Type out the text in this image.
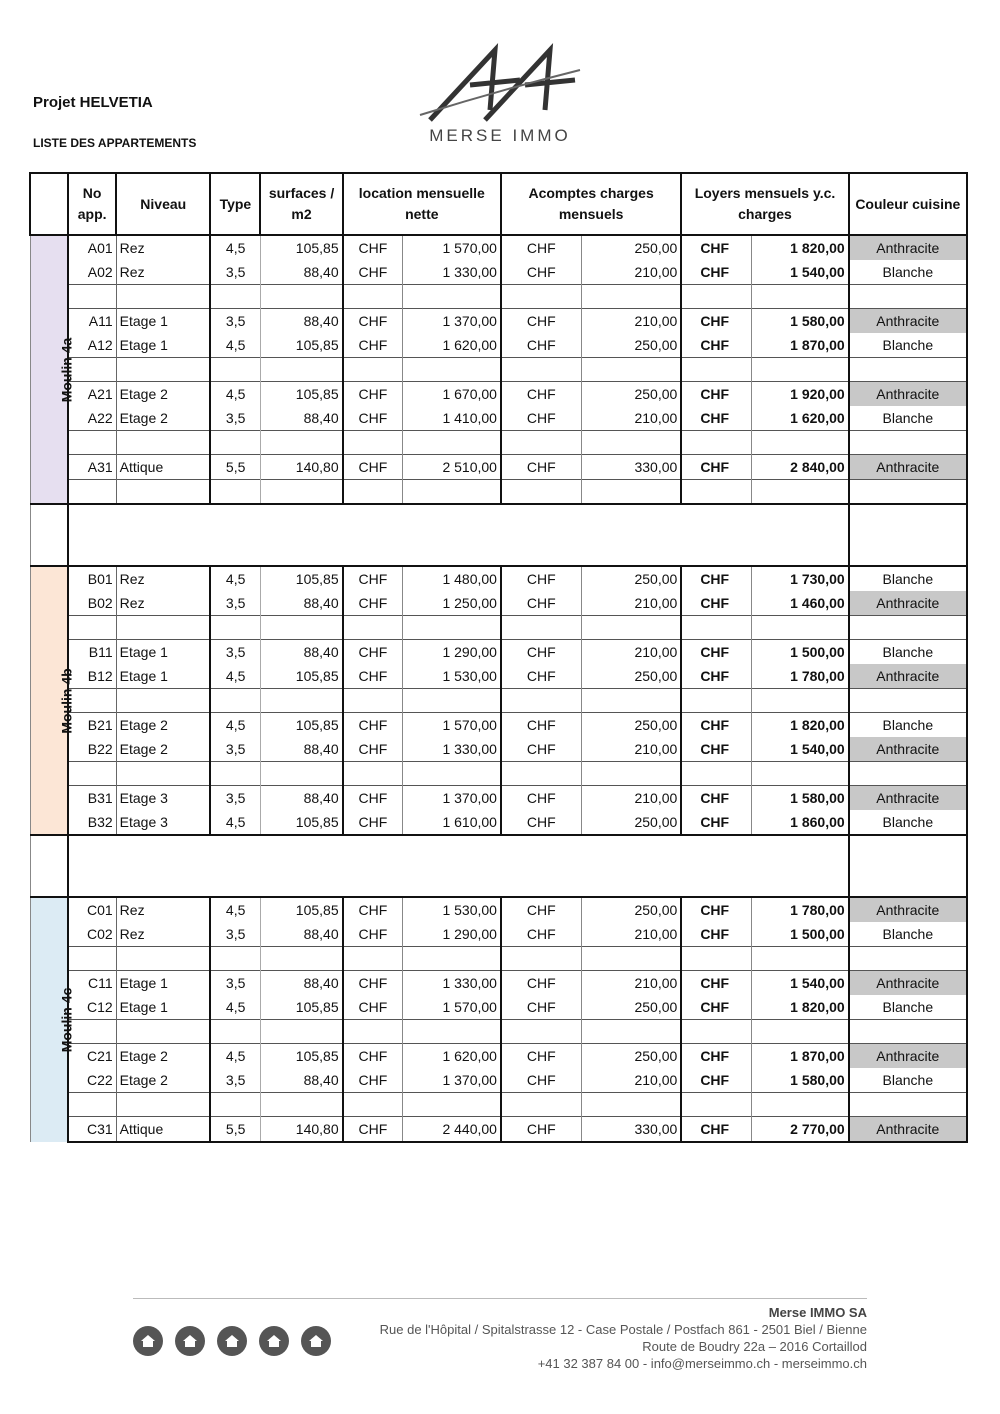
Projet HELVETIA
LISTE DES APPARTEMENTS	MERSE IMMO
	No app.	Niveau	Type	surfaces / m2	location mensuelle nette		Acomptes charges mensuels		Loyers mensuels y.c. charges		Couleur cuisine
Moulin 4a	A01	Rez	4,5	105,85	CHF	1 570,00	CHF	250,00	CHF	1 820,00	Anthracite
	A02	Rez	3,5	88,40	CHF	1 330,00	CHF	210,00	CHF	1 540,00	Blanche

	A11	Etage 1	3,5	88,40	CHF	1 370,00	CHF	210,00	CHF	1 580,00	Anthracite
	A12	Etage 1	4,5	105,85	CHF	1 620,00	CHF	250,00	CHF	1 870,00	Blanche

	A21	Etage 2	4,5	105,85	CHF	1 670,00	CHF	250,00	CHF	1 920,00	Anthracite
	A22	Etage 2	3,5	88,40	CHF	1 410,00	CHF	210,00	CHF	1 620,00	Blanche

	A31	Attique	5,5	140,80	CHF	2 510,00	CHF	330,00	CHF	2 840,00	Anthracite

Moulin 4b	B01	Rez	4,5	105,85	CHF	1 480,00	CHF	250,00	CHF	1 730,00	Blanche
	B02	Rez	3,5	88,40	CHF	1 250,00	CHF	210,00	CHF	1 460,00	Anthracite

	B11	Etage 1	3,5	88,40	CHF	1 290,00	CHF	210,00	CHF	1 500,00	Blanche
	B12	Etage 1	4,5	105,85	CHF	1 530,00	CHF	250,00	CHF	1 780,00	Anthracite

	B21	Etage 2	4,5	105,85	CHF	1 570,00	CHF	250,00	CHF	1 820,00	Blanche
	B22	Etage 2	3,5	88,40	CHF	1 330,00	CHF	210,00	CHF	1 540,00	Anthracite

	B31	Etage 3	3,5	88,40	CHF	1 370,00	CHF	210,00	CHF	1 580,00	Anthracite
	B32	Etage 3	4,5	105,85	CHF	1 610,00	CHF	250,00	CHF	1 860,00	Blanche

Moulin 4c	C01	Rez	4,5	105,85	CHF	1 530,00	CHF	250,00	CHF	1 780,00	Anthracite
	C02	Rez	3,5	88,40	CHF	1 290,00	CHF	210,00	CHF	1 500,00	Blanche

	C11	Etage 1	3,5	88,40	CHF	1 330,00	CHF	210,00	CHF	1 540,00	Anthracite
	C12	Etage 1	4,5	105,85	CHF	1 570,00	CHF	250,00	CHF	1 820,00	Blanche

	C21	Etage 2	4,5	105,85	CHF	1 620,00	CHF	250,00	CHF	1 870,00	Anthracite
	C22	Etage 2	3,5	88,40	CHF	1 370,00	CHF	210,00	CHF	1 580,00	Blanche

	C31	Attique	5,5	140,80	CHF	2 440,00	CHF	330,00	CHF	2 770,00	Anthracite
Merse IMMO SA
Rue de l'Hôpital / Spitalstrasse 12 - Case Postale / Postfach 861 - 2501 Biel / Bienne
Route de Boudry 22a – 2016 Cortaillod
+41 32 387 84 00 - info@merseimmo.ch - merseimmo.ch
